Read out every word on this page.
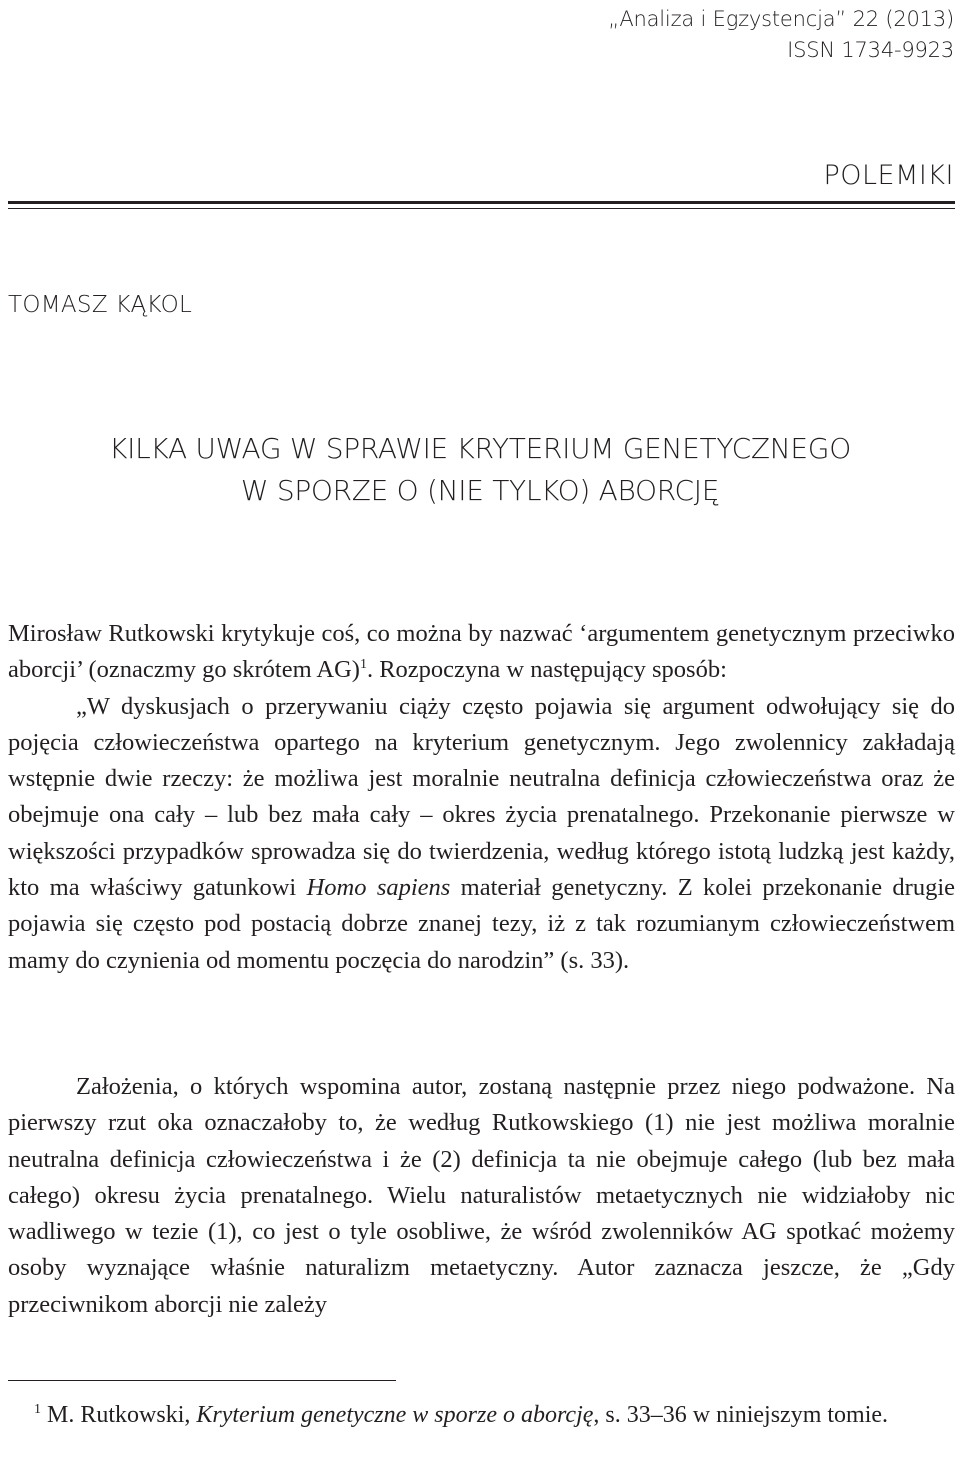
„Analiza i Egzystencja” 22 (2013)
ISSN 1734-9923
POLEMIKI
TOMASZ KĄKOL
KILKA UWAG W SPRAWIE KRYTERIUM GENETYCZNEGO
W SPORZE O (NIE TYLKO) ABORCJĘ

Mirosław Rutkowski krytykuje coś, co można by nazwać ‘argumentem genetycznym przeciwko aborcji’ (oznaczmy go skrótem AG)$^1$. Rozpoczyna w następujący sposób:
„W dyskusjach o przerywaniu ciąży często pojawia się argument odwołujący się do pojęcia człowieczeństwa opartego na kryterium genetycznym. Jego zwolennicy zakładają wstępnie dwie rzeczy: że możliwa jest moralnie neutralna definicja człowieczeństwa oraz że obejmuje ona cały – lub bez mała cały – okres życia prenatalnego. Przekonanie pierwsze w większości przypadków sprowadza się do twierdzenia, według którego istotą ludzką jest każdy, kto ma właściwy gatunkowi Homo sapiens materiał genetyczny. Z kolei przekonanie drugie pojawia się często pod postacią dobrze znanej tezy, iż z tak rozumianym człowieczeństwem mamy do czynienia od momentu poczęcia do narodzin” (s. 33).

Założenia, o których wspomina autor, zostaną następnie przez niego podważone. Na pierwszy rzut oka oznaczałoby to, że według Rutkowskiego (1) nie jest możliwa moralnie neutralna definicja człowieczeństwa i że (2) definicja ta nie obejmuje całego (lub bez mała całego) okresu życia prenatalnego. Wielu naturalistów metaetycznych nie widziałoby nic wadliwego w tezie (1), co jest o tyle osobliwe, że wśród zwolenników AG spotkać możemy osoby wyznające właśnie naturalizm metaetyczny. Autor zaznacza jeszcze, że „Gdy przeciwnikom aborcji nie zależy

$^1$ M. Rutkowski, Kryterium genetyczne w sporze o aborcję, s. 33–36 w niniejszym tomie.
